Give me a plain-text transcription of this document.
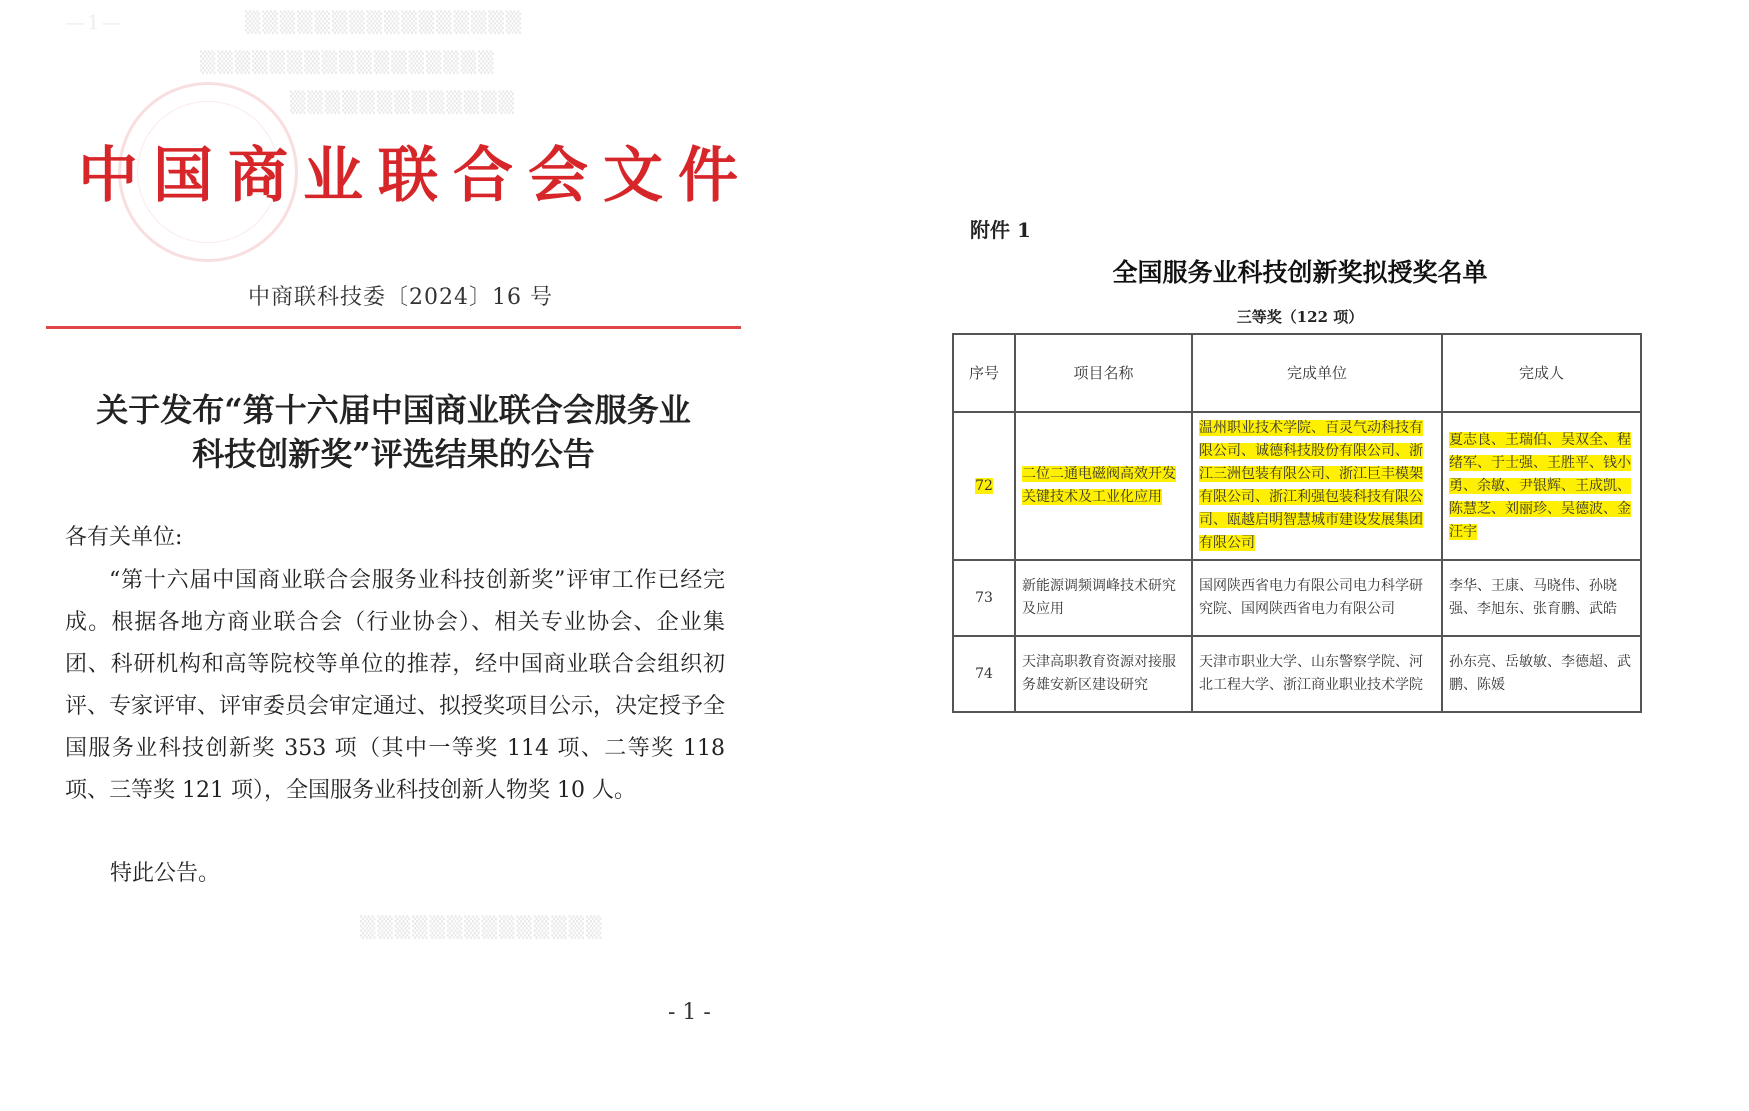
—1—	▒▒▒▒▒▒▒▒▒▒▒▒▒▒▒▒
▒▒▒▒▒▒▒▒▒▒▒▒▒▒▒▒▒
▒▒▒▒▒▒▒▒▒▒▒▒▒
▒▒▒▒▒▒▒▒▒▒▒▒▒▒
中国商业联合会文件
中商联科技委〔2024〕16 号
关于发布“第十六届中国商业联合会服务业
科技创新奖”评选结果的公告
各有关单位:
“第十六届中国商业联合会服务业科技创新奖”评审工作已经完成。根据各地方商业联合会（行业协会）、相关专业协会、企业集团、科研机构和高等院校等单位的推荐，经中国商业联合会组织初评、专家评审、评审委员会审定通过、拟授奖项目公示，决定授予全国服务业科技创新奖 353 项（其中一等奖 114 项、二等奖 118 项、三等奖 121 项），全国服务业科技创新人物奖 10 人。
特此公告。
- 1 -
附件 1
全国服务业科技创新奖拟授奖名单
三等奖（122 项）
序号	项目名称	完成单位	完成人
72	二位二通电磁阀高效开发关键技术及工业化应用	温州职业技术学院、百灵气动科技有限公司、诚德科技股份有限公司、浙江三洲包装有限公司、浙江巨丰模架有限公司、浙江利强包装科技有限公司、瓯越启明智慧城市建设发展集团有限公司	夏志良、王瑞伯、吴双全、程绪军、于士强、王胜平、钱小勇、余敏、尹银辉、王成凯、陈慧芝、刘丽珍、吴德波、金汪宇
73	新能源调频调峰技术研究及应用	国网陕西省电力有限公司电力科学研究院、国网陕西省电力有限公司	李华、王康、马晓伟、孙晓强、李旭东、张育鹏、武皓
74	天津高职教育资源对接服务雄安新区建设研究	天津市职业大学、山东警察学院、河北工程大学、浙江商业职业技术学院	孙东亮、岳敏敏、李德超、武鹏、陈媛
